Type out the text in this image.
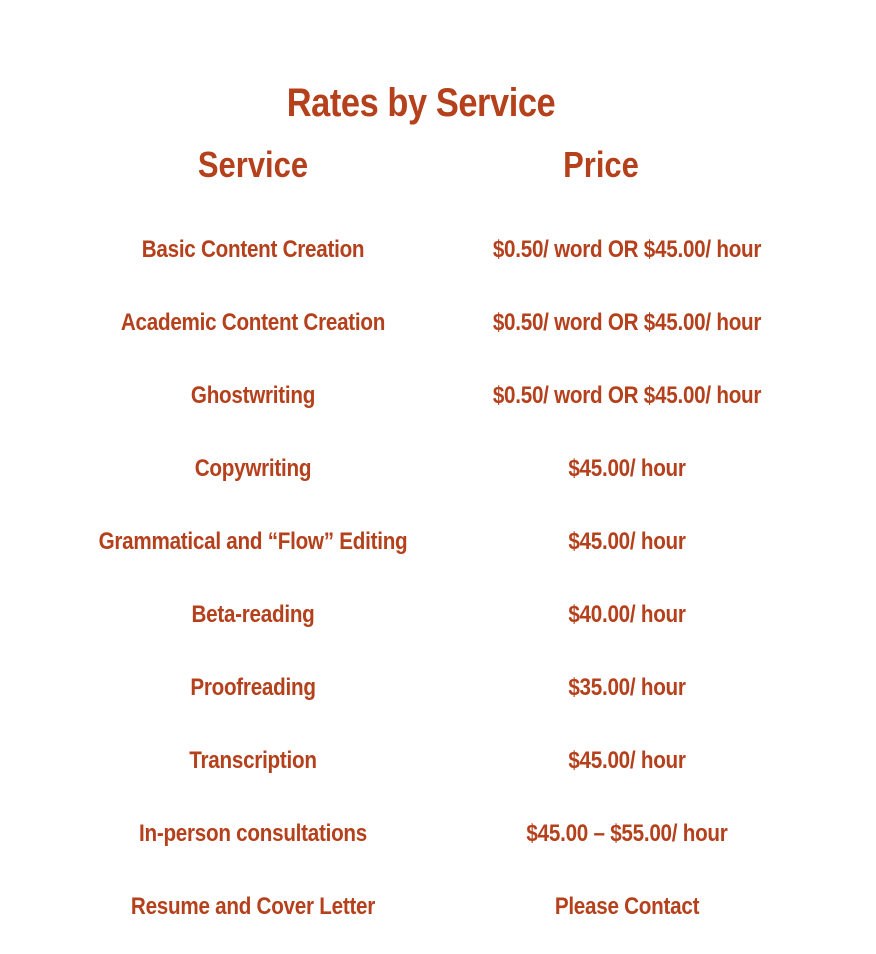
Rates by Service
Service	Price
Basic Content Creation	$0.50/ word OR $45.00/ hour
Academic Content Creation	$0.50/ word OR $45.00/ hour
Ghostwriting	$0.50/ word OR $45.00/ hour
Copywriting	$45.00/ hour
Grammatical and “Flow” Editing	$45.00/ hour
Beta-reading	$40.00/ hour
Proofreading	$35.00/ hour
Transcription	$45.00/ hour
In-person consultations	$45.00 – $55.00/ hour
Resume and Cover Letter	Please Contact
